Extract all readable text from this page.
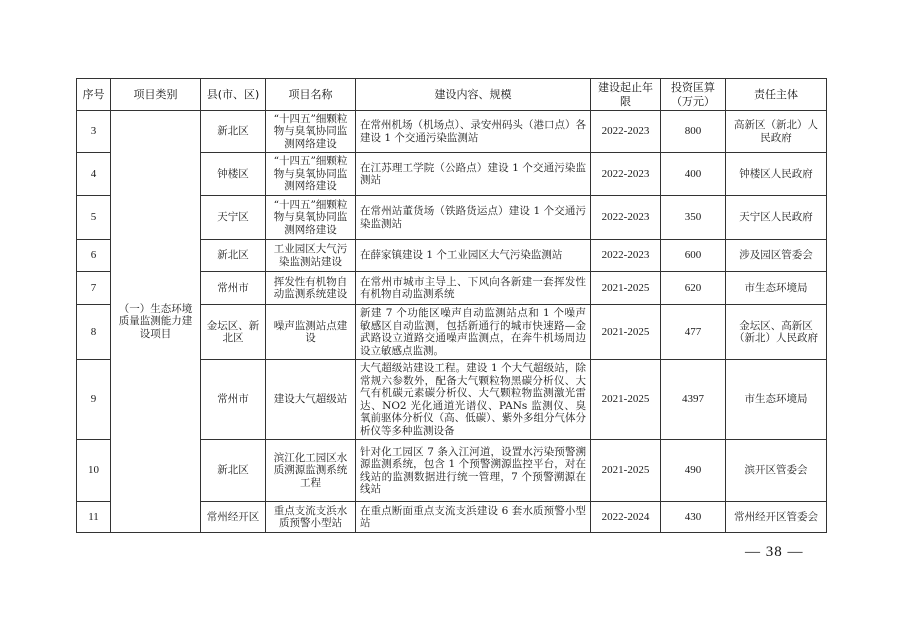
序号	项目类别	县(市、区)	项目名称	建设内容、规模	建设起止年限	投资匡算（万元）	责任主体
3	（一）生态环境质量监测能力建设项目	新北区	“十四五”细颗粒物与臭氧协同监测网络建设	在常州机场（机场点）、录安州码头（港口点）各建设 1 个交通污染监测站	2022-2023	800	高新区（新北）人民政府
4		钟楼区	“十四五”细颗粒物与臭氧协同监测网络建设	在江苏理工学院（公路点）建设 1 个交通污染监测站	2022-2023	400	钟楼区人民政府
5		天宁区	“十四五”细颗粒物与臭氧协同监测网络建设	在常州站董货场（铁路货运点）建设 1 个交通污染监测站	2022-2023	350	天宁区人民政府
6		新北区	工业园区大气污染监测站建设	在薛家镇建设 1 个工业园区大气污染监测站	2022-2023	600	涉及园区管委会
7		常州市	挥发性有机物自动监测系统建设	在常州市城市主导上、下风向各新建一套挥发性有机物自动监测系统	2021-2025	620	市生态环境局
8		金坛区、新北区	噪声监测站点建设	新建 7 个功能区噪声自动监测站点和 1 个噪声敏感区自动监测，包括新通行的城市快速路—金武路设立道路交通噪声监测点，在奔牛机场周边设立敏感点监测。	2021-2025	477	金坛区、高新区（新北）人民政府
9		常州市	建设大气超级站	大气超级站建设工程。建设 1 个大气超级站，除常规六参数外，配备大气颗粒物黑碳分析仪、大气有机碳元素碳分析仪、大气颗粒物监测激光雷达、NO2 光化通道光谱仪、PANs 监测仪、臭氧前驱体分析仪（高、低碳）、紫外多组分气体分析仪等多种监测设备	2021-2025	4397	市生态环境局
10		新北区	滨江化工园区水质溯源监测系统工程	针对化工园区 7 条入江河道，设置水污染预警溯源监测系统，包含 1 个预警溯源监控平台，对在线站的监测数据进行统一管理，7 个预警溯源在线站	2021-2025	490	滨开区管委会
11		常州经开区	重点支流支浜水质预警小型站	在重点断面重点支流支浜建设 6 套水质预警小型站	2022-2024	430	常州经开区管委会
— 38 —
